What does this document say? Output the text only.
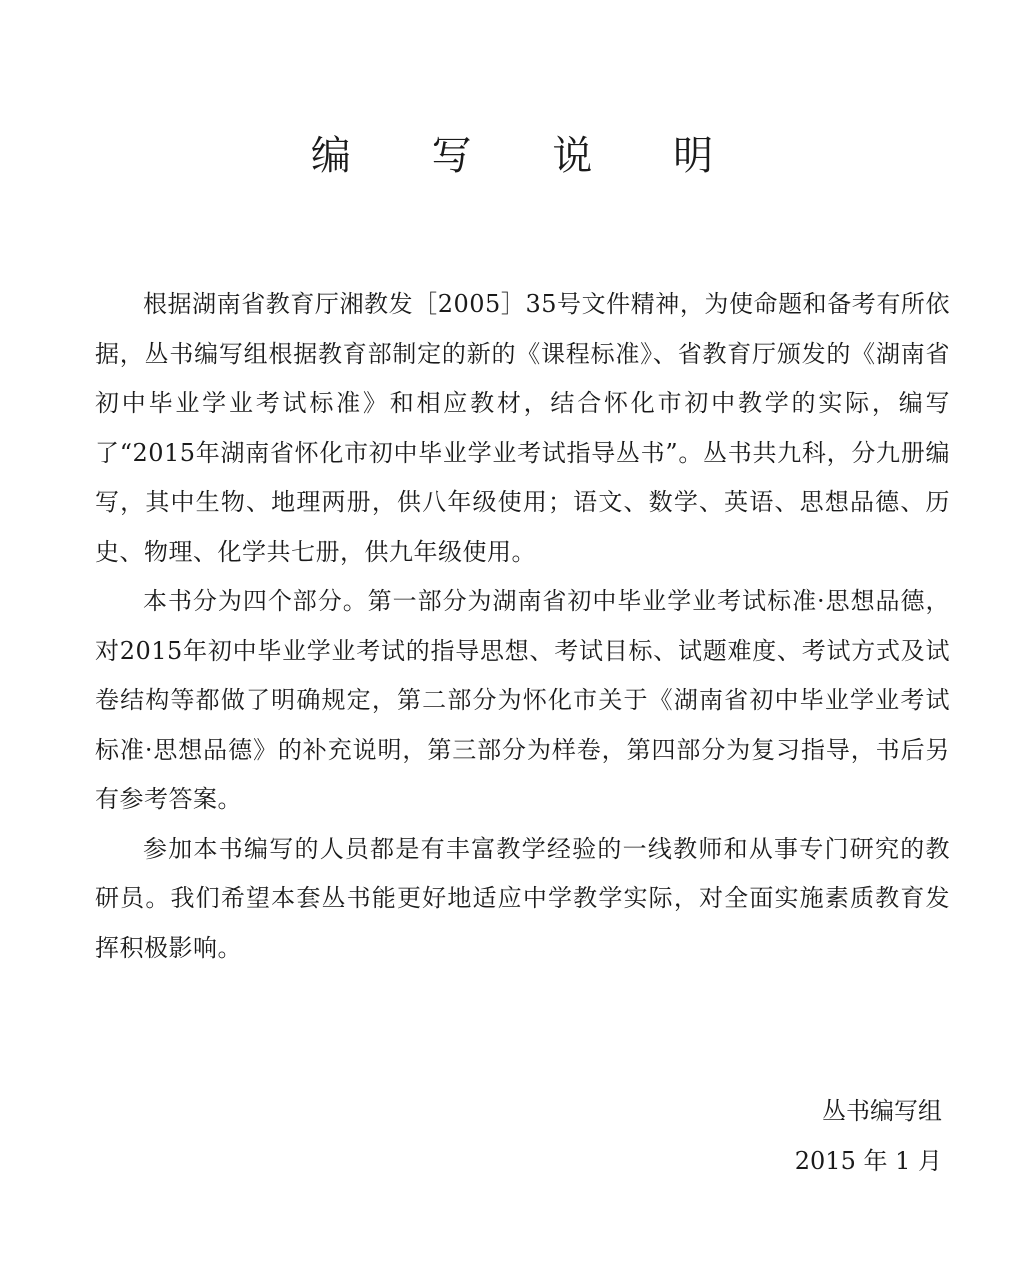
编 写 说 明

根据湖南省教育厅湘教发［2005］35号文件精神，为使命题和备考有所依据，丛书编写组根据教育部制定的新的《课程标准》、省教育厅颁发的《湖南省初中毕业学业考试标准》和相应教材，结合怀化市初中教学的实际，编写了“2015年湖南省怀化市初中毕业学业考试指导丛书”。丛书共九科，分九册编写，其中生物、地理两册，供八年级使用；语文、数学、英语、思想品德、历史、物理、化学共七册，供九年级使用。

本书分为四个部分。第一部分为湖南省初中毕业学业考试标准·思想品德，对2015年初中毕业学业考试的指导思想、考试目标、试题难度、考试方式及试卷结构等都做了明确规定，第二部分为怀化市关于《湖南省初中毕业学业考试标准·思想品德》的补充说明，第三部分为样卷，第四部分为复习指导，书后另有参考答案。

参加本书编写的人员都是有丰富教学经验的一线教师和从事专门研究的教研员。我们希望本套丛书能更好地适应中学教学实际，对全面实施素质教育发挥积极影响。

丛书编写组
2015 年 1 月
